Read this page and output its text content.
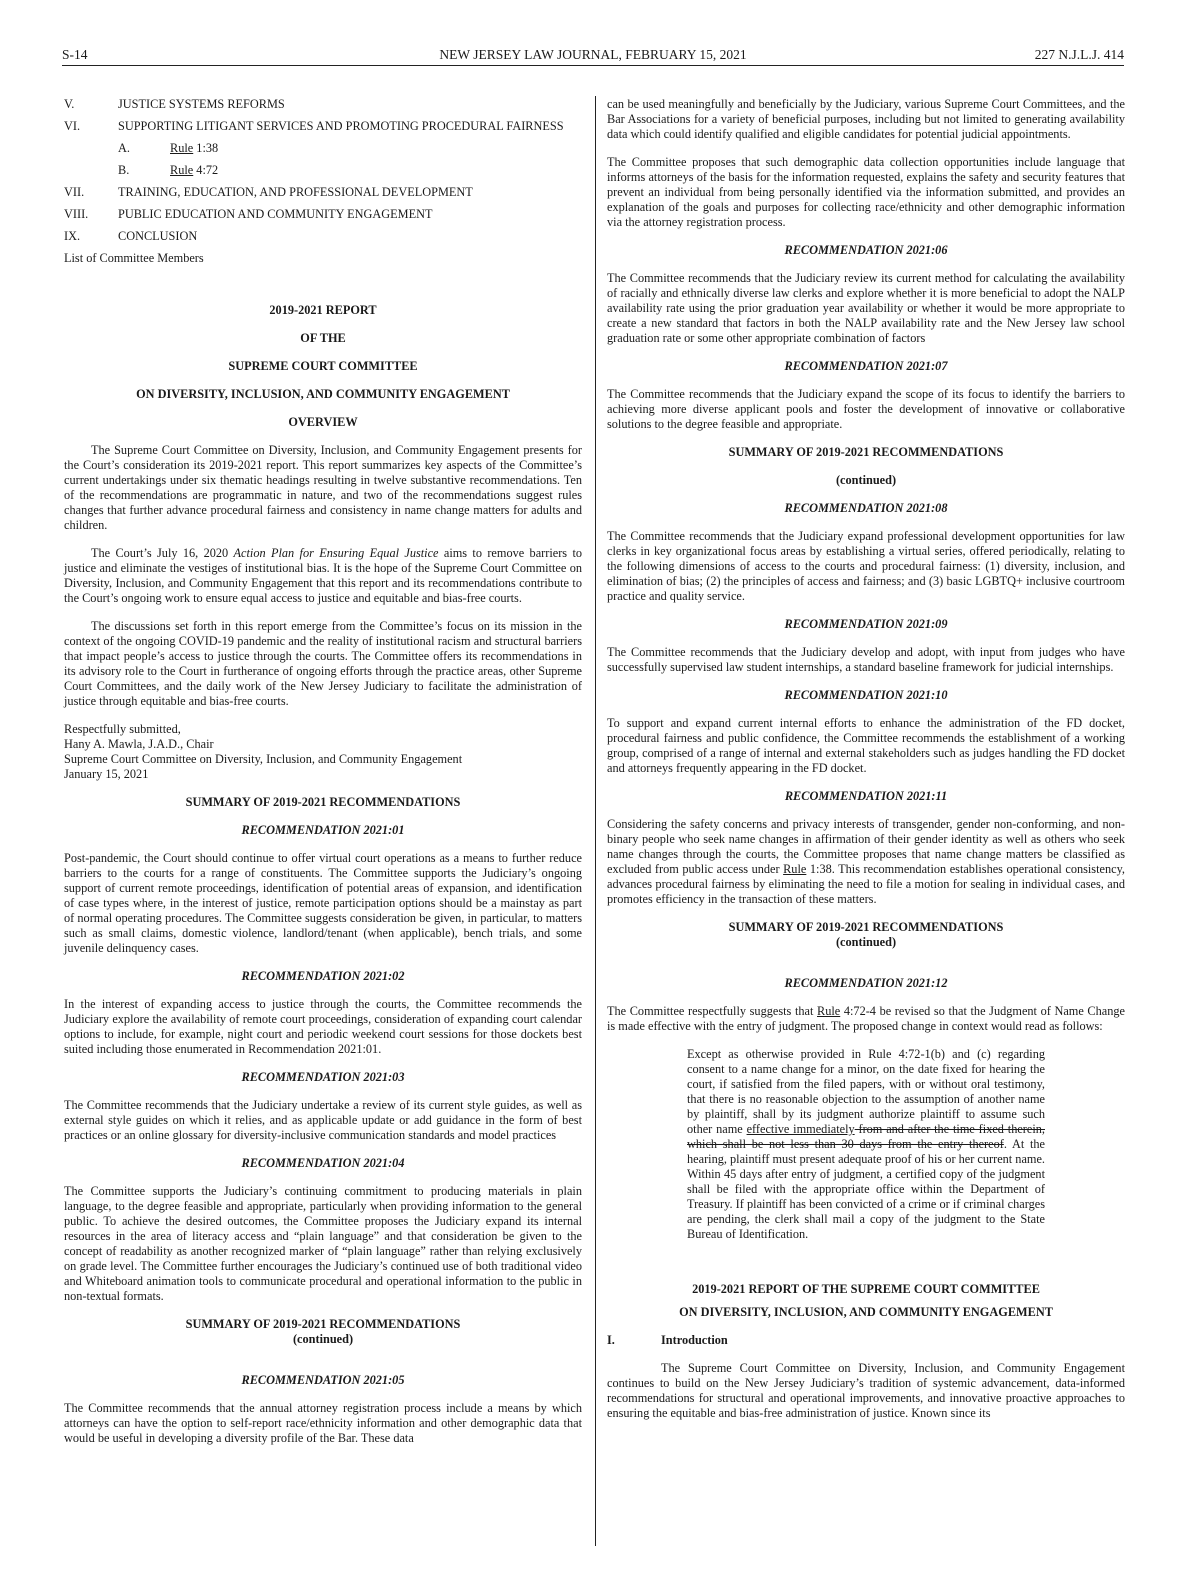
S-14	NEW JERSEY LAW JOURNAL, FEBRUARY 15, 2021	227 N.J.L.J. 414
V.	JUSTICE SYSTEMS REFORMS
VI.	SUPPORTING LITIGANT SERVICES AND PROMOTING PROCEDURAL FAIRNESS
A.	Rule 1:38
B.	Rule 4:72
VII.	TRAINING, EDUCATION, AND PROFESSIONAL DEVELOPMENT
VIII.	PUBLIC EDUCATION AND COMMUNITY ENGAGEMENT
IX.	CONCLUSION
List of Committee Members
2019-2021 REPORT
OF THE
SUPREME COURT COMMITTEE
ON DIVERSITY, INCLUSION, AND COMMUNITY ENGAGEMENT
OVERVIEW

The Supreme Court Committee on Diversity, Inclusion, and Community Engagement presents for the Court’s consideration its 2019-2021 report. This report summarizes key aspects of the Committee’s current undertakings under six thematic headings resulting in twelve substantive recommendations. Ten of the recommendations are programmatic in nature, and two of the recommendations suggest rules changes that further advance procedural fairness and consistency in name change matters for adults and children.

The Court’s July 16, 2020 Action Plan for Ensuring Equal Justice aims to remove barriers to justice and eliminate the vestiges of institutional bias. It is the hope of the Supreme Court Committee on Diversity, Inclusion, and Community Engagement that this report and its recommendations contribute to the Court’s ongoing work to ensure equal access to justice and equitable and bias-free courts.

The discussions set forth in this report emerge from the Committee’s focus on its mission in the context of the ongoing COVID-19 pandemic and the reality of institutional racism and structural barriers that impact people’s access to justice through the courts. The Committee offers its recommendations in its advisory role to the Court in furtherance of ongoing efforts through the practice areas, other Supreme Court Committees, and the daily work of the New Jersey Judiciary to facilitate the administration of justice through equitable and bias-free courts.

Respectfully submitted,
Hany A. Mawla, J.A.D., Chair
Supreme Court Committee on Diversity, Inclusion, and Community Engagement
January 15, 2021
SUMMARY OF 2019-2021 RECOMMENDATIONS
RECOMMENDATION 2021:01

Post-pandemic, the Court should continue to offer virtual court operations as a means to further reduce barriers to the courts for a range of constituents. The Committee supports the Judiciary’s ongoing support of current remote proceedings, identification of potential areas of expansion, and identification of case types where, in the interest of justice, remote participation options should be a mainstay as part of normal operating procedures. The Committee suggests consideration be given, in particular, to matters such as small claims, domestic violence, landlord/tenant (when applicable), bench trials, and some juvenile delinquency cases.

RECOMMENDATION 2021:02

In the interest of expanding access to justice through the courts, the Committee recommends the Judiciary explore the availability of remote court proceedings, consideration of expanding court calendar options to include, for example, night court and periodic weekend court sessions for those dockets best suited including those enumerated in Recommendation 2021:01.

RECOMMENDATION 2021:03

The Committee recommends that the Judiciary undertake a review of its current style guides, as well as external style guides on which it relies, and as applicable update or add guidance in the form of best practices or an online glossary for diversity-inclusive communication standards and model practices

RECOMMENDATION 2021:04

The Committee supports the Judiciary’s continuing commitment to producing materials in plain language, to the degree feasible and appropriate, particularly when providing information to the general public. To achieve the desired outcomes, the Committee proposes the Judiciary expand its internal resources in the area of literacy access and “plain language” and that consideration be given to the concept of readability as another recognized marker of “plain language” rather than relying exclusively on grade level. The Committee further encourages the Judiciary’s continued use of both traditional video and Whiteboard animation tools to communicate procedural and operational information to the public in non-textual formats.

SUMMARY OF 2019-2021 RECOMMENDATIONS
(continued)
RECOMMENDATION 2021:05

The Committee recommends that the annual attorney registration process include a means by which attorneys can have the option to self-report race/ethnicity information and other demographic data that would be useful in developing a diversity profile of the Bar. These data

can be used meaningfully and beneficially by the Judiciary, various Supreme Court Committees, and the Bar Associations for a variety of beneficial purposes, including but not limited to generating availability data which could identify qualified and eligible candidates for potential judicial appointments.

The Committee proposes that such demographic data collection opportunities include language that informs attorneys of the basis for the information requested, explains the safety and security features that prevent an individual from being personally identified via the information submitted, and provides an explanation of the goals and purposes for collecting race/ethnicity and other demographic information via the attorney registration process.

RECOMMENDATION 2021:06

The Committee recommends that the Judiciary review its current method for calculating the availability of racially and ethnically diverse law clerks and explore whether it is more beneficial to adopt the NALP availability rate using the prior graduation year availability or whether it would be more appropriate to create a new standard that factors in both the NALP availability rate and the New Jersey law school graduation rate or some other appropriate combination of factors

RECOMMENDATION 2021:07

The Committee recommends that the Judiciary expand the scope of its focus to identify the barriers to achieving more diverse applicant pools and foster the development of innovative or collaborative solutions to the degree feasible and appropriate.

SUMMARY OF 2019-2021 RECOMMENDATIONS
(continued)
RECOMMENDATION 2021:08

The Committee recommends that the Judiciary expand professional development opportunities for law clerks in key organizational focus areas by establishing a virtual series, offered periodically, relating to the following dimensions of access to the courts and procedural fairness: (1) diversity, inclusion, and elimination of bias; (2) the principles of access and fairness; and (3) basic LGBTQ+ inclusive courtroom practice and quality service.

RECOMMENDATION 2021:09

The Committee recommends that the Judiciary develop and adopt, with input from judges who have successfully supervised law student internships, a standard baseline framework for judicial internships.

RECOMMENDATION 2021:10

To support and expand current internal efforts to enhance the administration of the FD docket, procedural fairness and public confidence, the Committee recommends the establishment of a working group, comprised of a range of internal and external stakeholders such as judges handling the FD docket and attorneys frequently appearing in the FD docket.

RECOMMENDATION 2021:11

Considering the safety concerns and privacy interests of transgender, gender non-conforming, and non-binary people who seek name changes in affirmation of their gender identity as well as others who seek name changes through the courts, the Committee proposes that name change matters be classified as excluded from public access under Rule 1:38. This recommendation establishes operational consistency, advances procedural fairness by eliminating the need to file a motion for sealing in individual cases, and promotes efficiency in the transaction of these matters.

SUMMARY OF 2019-2021 RECOMMENDATIONS
(continued)
RECOMMENDATION 2021:12

The Committee respectfully suggests that Rule 4:72-4 be revised so that the Judgment of Name Change is made effective with the entry of judgment. The proposed change in context would read as follows:

Except as otherwise provided in Rule 4:72-1(b) and (c) regarding consent to a name change for a minor, on the date fixed for hearing the court, if satisfied from the filed papers, with or without oral testimony, that there is no reasonable objection to the assumption of another name by plaintiff, shall by its judgment authorize plaintiff to assume such other name effective immediately from and after the time fixed therein, which shall be not less than 30 days from the entry thereof. At the hearing, plaintiff must present adequate proof of his or her current name. Within 45 days after entry of judgment, a certified copy of the judgment shall be filed with the appropriate office within the Department of Treasury. If plaintiff has been convicted of a crime or if criminal charges are pending, the clerk shall mail a copy of the judgment to the State Bureau of Identification.

2019-2021 REPORT OF THE SUPREME COURT COMMITTEE
ON DIVERSITY, INCLUSION, AND COMMUNITY ENGAGEMENT
I.	Introduction

The Supreme Court Committee on Diversity, Inclusion, and Community Engagement continues to build on the New Jersey Judiciary’s tradition of systemic advancement, data-informed recommendations for structural and operational improvements, and innovative proactive approaches to ensuring the equitable and bias-free administration of justice. Known since its
